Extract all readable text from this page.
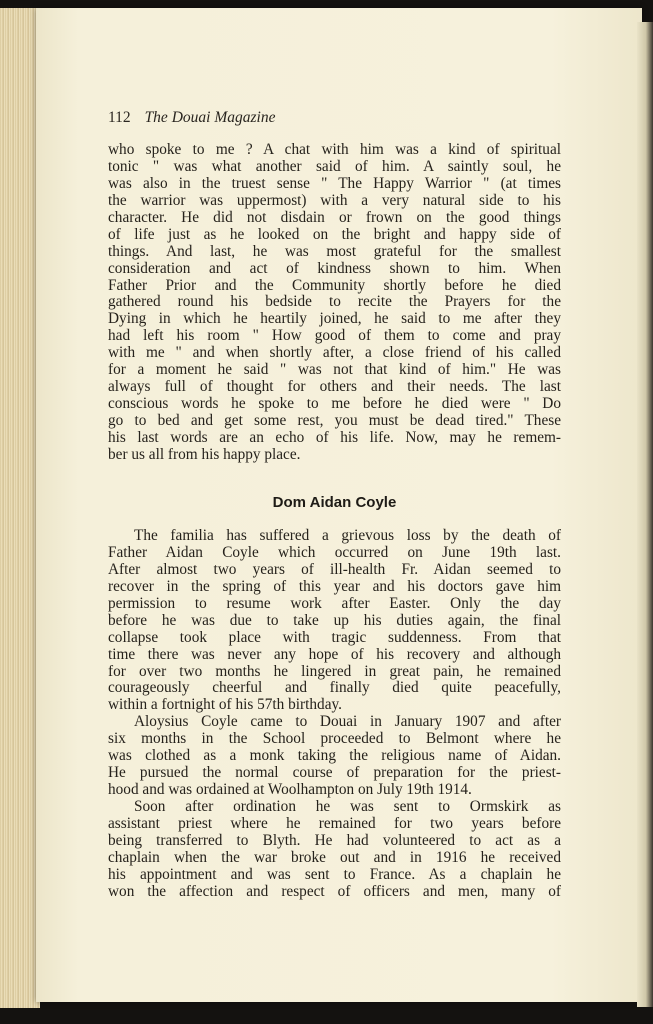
112 The Douai Magazine

who spoke to me ? A chat with him was a kind of spiritual
tonic " was what another said of him. A saintly soul, he
was also in the truest sense " The Happy Warrior " (at times
the warrior was uppermost) with a very natural side to his
character. He did not disdain or frown on the good things
of life just as he looked on the bright and happy side of
things. And last, he was most grateful for the smallest
consideration and act of kindness shown to him. When
Father Prior and the Community shortly before he died
gathered round his bedside to recite the Prayers for the
Dying in which he heartily joined, he said to me after they
had left his room " How good of them to come and pray
with me " and when shortly after, a close friend of his called
for a moment he said " was not that kind of him." He was
always full of thought for others and their needs. The last
conscious words he spoke to me before he died were " Do
go to bed and get some rest, you must be dead tired." These
his last words are an echo of his life. Now, may he remem-
ber us all from his happy place.

Dom Aidan Coyle

The familia has suffered a grievous loss by the death of
Father Aidan Coyle which occurred on June 19th last.
After almost two years of ill-health Fr. Aidan seemed to
recover in the spring of this year and his doctors gave him
permission to resume work after Easter. Only the day
before he was due to take up his duties again, the final
collapse took place with tragic suddenness. From that
time there was never any hope of his recovery and although
for over two months he lingered in great pain, he remained
courageously cheerful and finally died quite peacefully,
within a fortnight of his 57th birthday.

Aloysius Coyle came to Douai in January 1907 and after
six months in the School proceeded to Belmont where he
was clothed as a monk taking the religious name of Aidan.
He pursued the normal course of preparation for the priest-
hood and was ordained at Woolhampton on July 19th 1914.

Soon after ordination he was sent to Ormskirk as
assistant priest where he remained for two years before
being transferred to Blyth. He had volunteered to act as a
chaplain when the war broke out and in 1916 he received
his appointment and was sent to France. As a chaplain he
won the affection and respect of officers and men, many of
